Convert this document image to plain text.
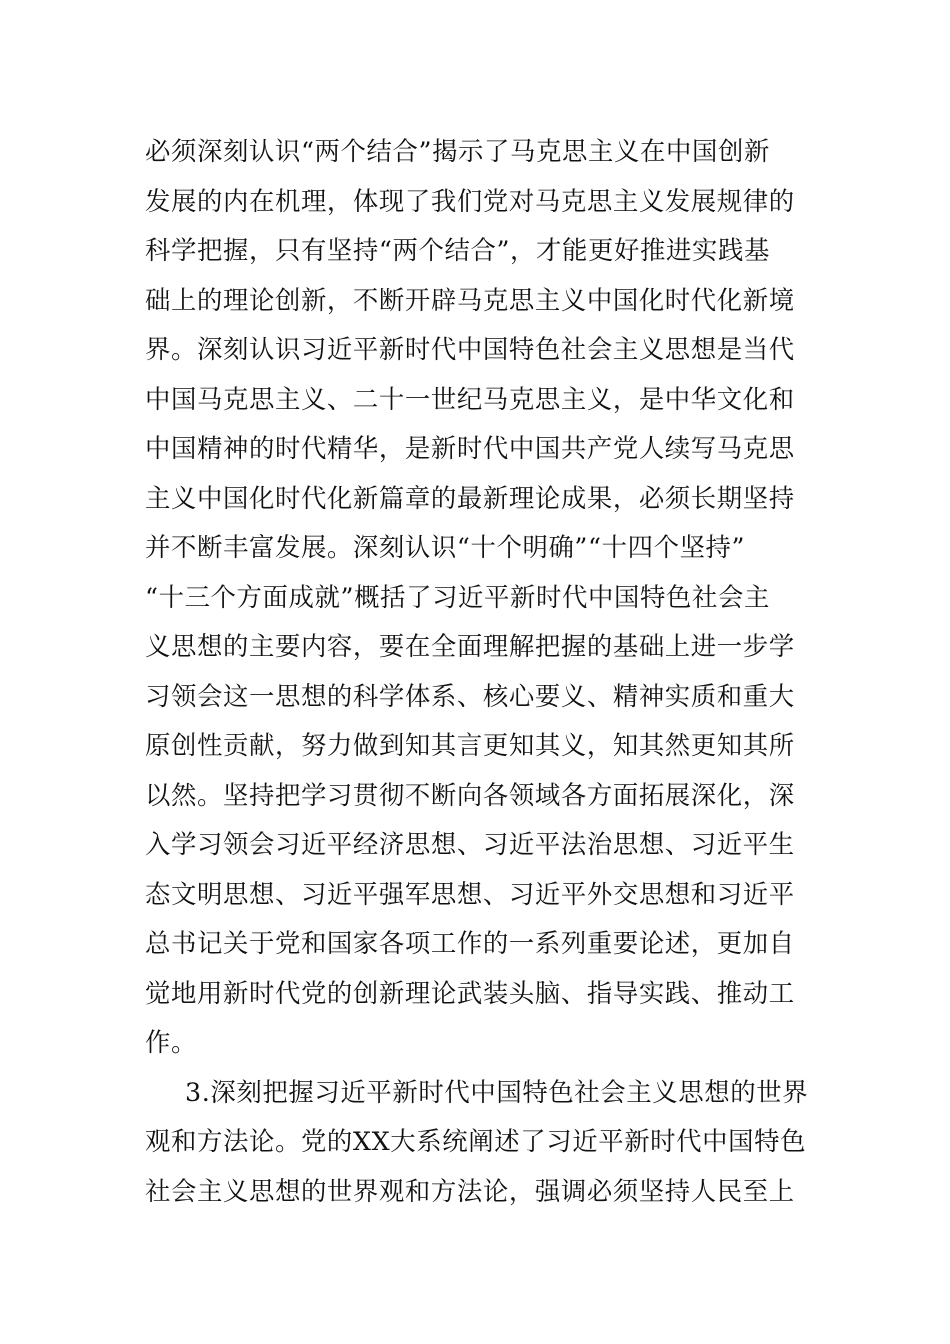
必须深刻认识“两个结合”揭示了马克思主义在中国创新
发展的内在机理，体现了我们党对马克思主义发展规律的
科学把握，只有坚持“两个结合”，才能更好推进实践基
础上的理论创新，不断开辟马克思主义中国化时代化新境
界。深刻认识习近平新时代中国特色社会主义思想是当代
中国马克思主义、二十一世纪马克思主义，是中华文化和
中国精神的时代精华，是新时代中国共产党人续写马克思
主义中国化时代化新篇章的最新理论成果，必须长期坚持
并不断丰富发展。深刻认识“十个明确”“十四个坚持”
“十三个方面成就”概括了习近平新时代中国特色社会主
义思想的主要内容，要在全面理解把握的基础上进一步学
习领会这一思想的科学体系、核心要义、精神实质和重大
原创性贡献，努力做到知其言更知其义，知其然更知其所
以然。坚持把学习贯彻不断向各领域各方面拓展深化，深
入学习领会习近平经济思想、习近平法治思想、习近平生
态文明思想、习近平强军思想、习近平外交思想和习近平
总书记关于党和国家各项工作的一系列重要论述，更加自
觉地用新时代党的创新理论武装头脑、指导实践、推动工
作。
3.深刻把握习近平新时代中国特色社会主义思想的世界
观和方法论。党的XX大系统阐述了习近平新时代中国特色
社会主义思想的世界观和方法论，强调必须坚持人民至上
